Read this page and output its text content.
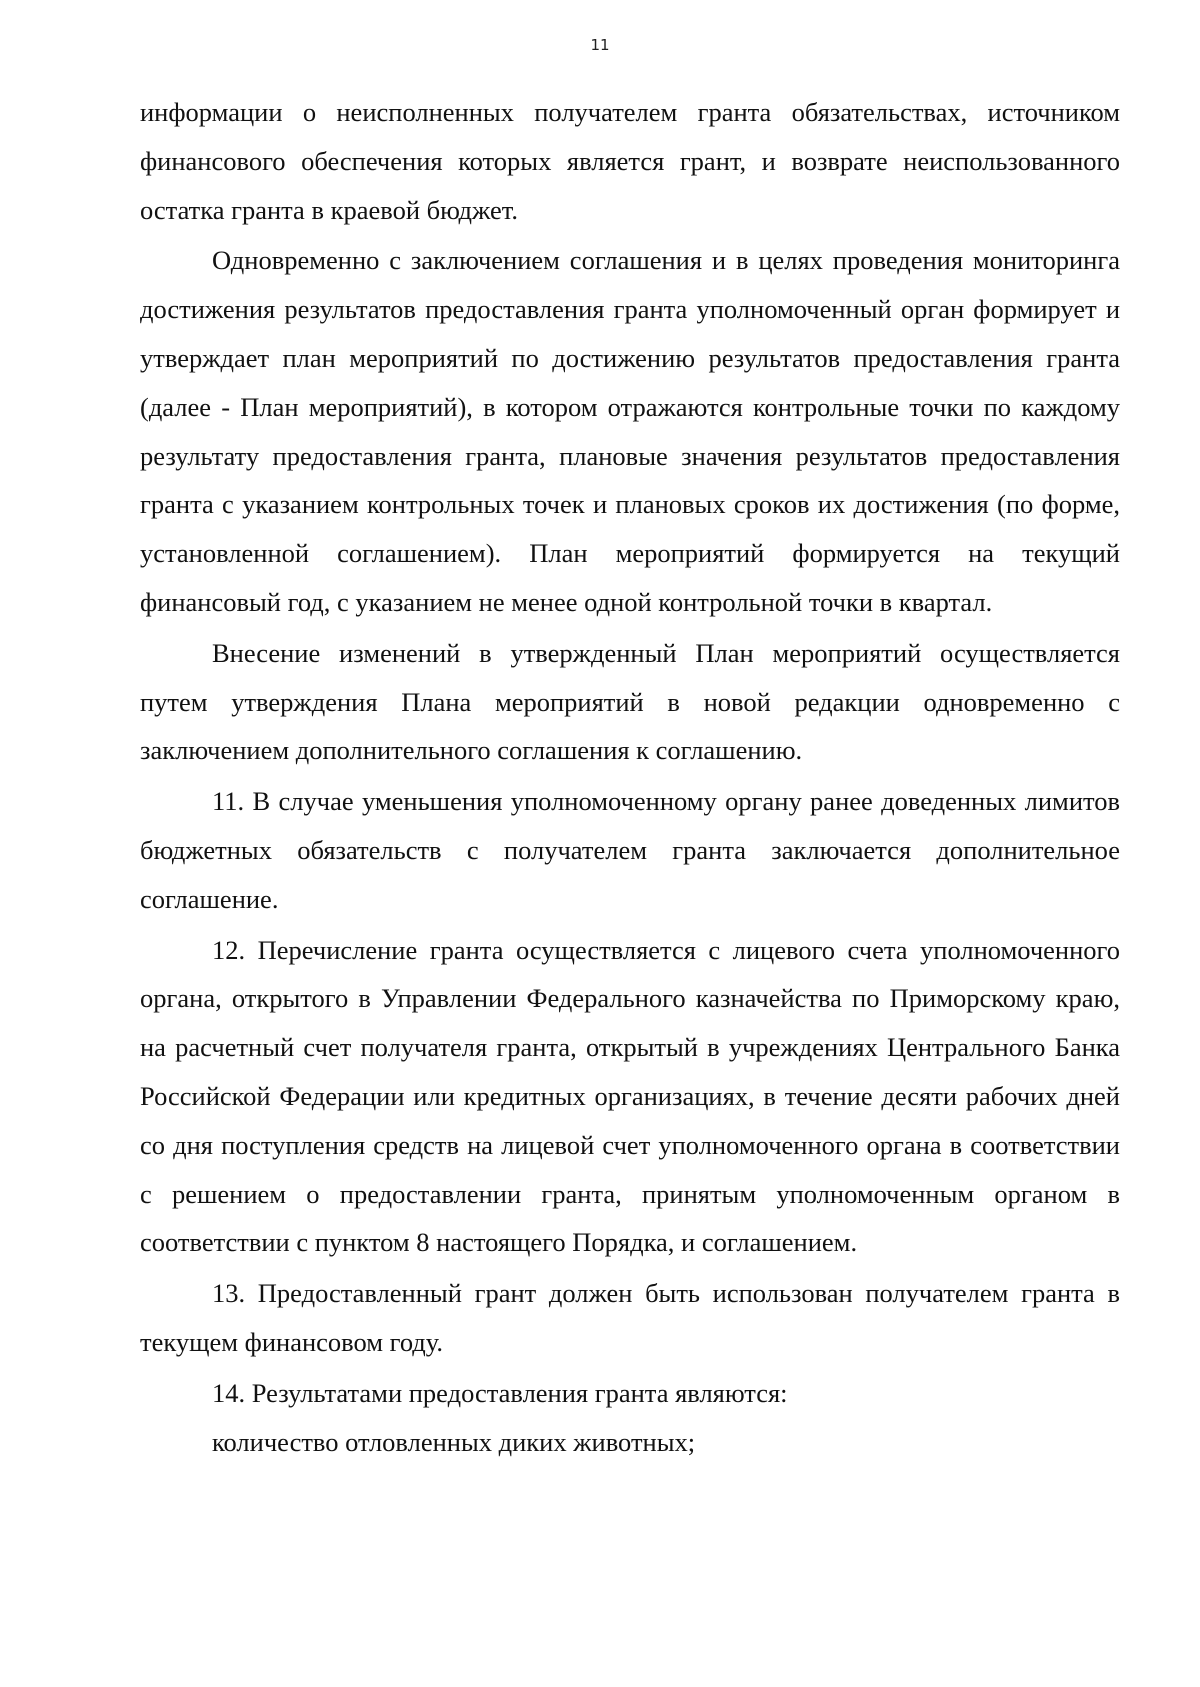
11

информации о неисполненных получателем гранта обязательствах, источником финансового обеспечения которых является грант, и возврате неиспользованного остатка гранта в краевой бюджет.

Одновременно с заключением соглашения и в целях проведения мониторинга достижения результатов предоставления гранта уполномоченный орган формирует и утверждает план мероприятий по достижению результатов предоставления гранта (далее - План мероприятий), в котором отражаются контрольные точки по каждому результату предоставления гранта, плановые значения результатов предоставления гранта с указанием контрольных точек и плановых сроков их достижения (по форме, установленной соглашением). План мероприятий формируется на текущий финансовый год, с указанием не менее одной контрольной точки в квартал.

Внесение изменений в утвержденный План мероприятий осуществляется путем утверждения Плана мероприятий в новой редакции одновременно с заключением дополнительного соглашения к соглашению.

11. В случае уменьшения уполномоченному органу ранее доведенных лимитов бюджетных обязательств с получателем гранта заключается дополнительное соглашение.

12. Перечисление гранта осуществляется с лицевого счета уполномоченного органа, открытого в Управлении Федерального казначейства по Приморскому краю, на расчетный счет получателя гранта, открытый в учреждениях Центрального Банка Российской Федерации или кредитных организациях, в течение десяти рабочих дней со дня поступления средств на лицевой счет уполномоченного органа в соответствии с решением о предоставлении гранта, принятым уполномоченным органом в соответствии с пунктом 8 настоящего Порядка, и соглашением.

13. Предоставленный грант должен быть использован получателем гранта в текущем финансовом году.

14. Результатами предоставления гранта являются:

количество отловленных диких животных;
